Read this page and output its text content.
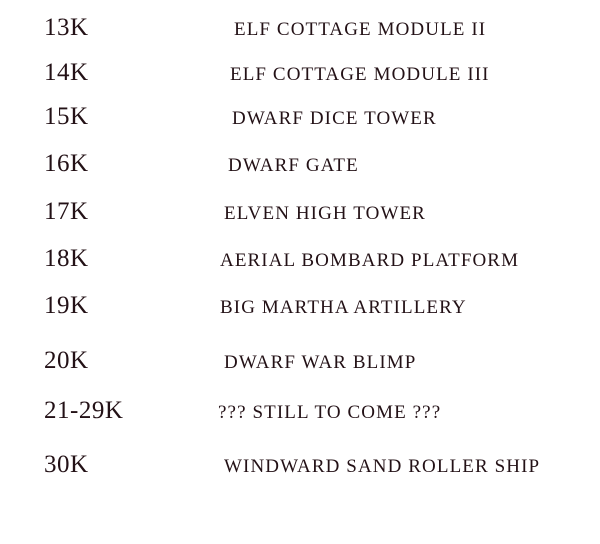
13K	ELF COTTAGE MODULE II
14K	ELF COTTAGE MODULE III
15K	DWARF DICE TOWER
16K	DWARF GATE
17K	ELVEN HIGH TOWER
18K	AERIAL BOMBARD PLATFORM
19K	BIG MARTHA ARTILLERY
20K	DWARF WAR BLIMP
21-29K	??? STILL TO COME ???
30K	WINDWARD SAND ROLLER SHIP
